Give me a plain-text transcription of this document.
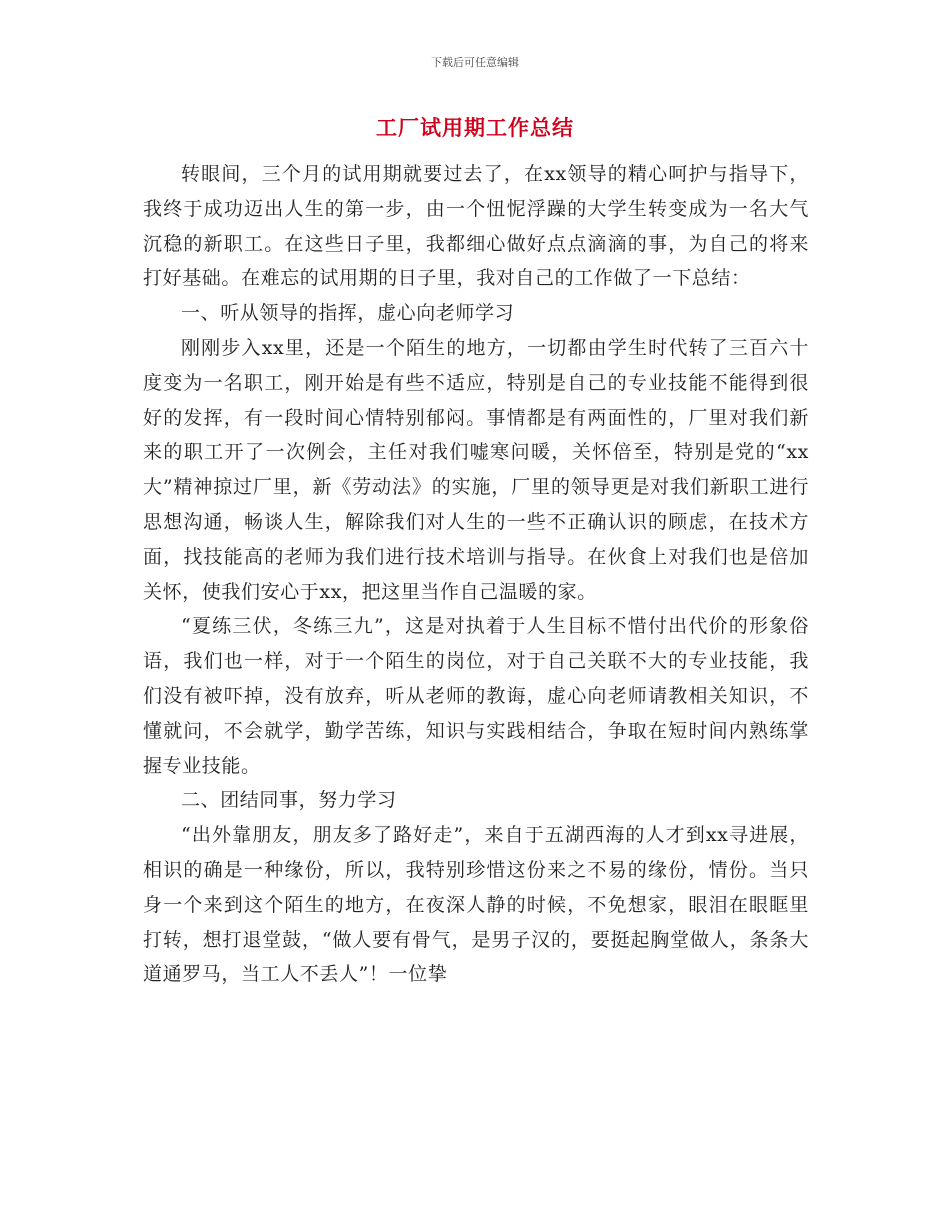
下载后可任意编辑
工厂试用期工作总结

转眼间，三个月的试用期就要过去了，在xx领导的精心呵护与指导下，我终于成功迈出人生的第一步，由一个忸怩浮躁的大学生转变成为一名大气沉稳的新职工。在这些日子里，我都细心做好点点滴滴的事，为自己的将来打好基础。在难忘的试用期的日子里，我对自己的工作做了一下总结：

一、听从领导的指挥，虚心向老师学习

刚刚步入xx里，还是一个陌生的地方，一切都由学生时代转了三百六十度变为一名职工，刚开始是有些不适应，特别是自己的专业技能不能得到很好的发挥，有一段时间心情特别郁闷。事情都是有两面性的，厂里对我们新来的职工开了一次例会，主任对我们嘘寒问暖，关怀倍至，特别是党的“xx大”精神掠过厂里，新《劳动法》的实施，厂里的领导更是对我们新职工进行思想沟通，畅谈人生，解除我们对人生的一些不正确认识的顾虑，在技术方面，找技能高的老师为我们进行技术培训与指导。在伙食上对我们也是倍加关怀，使我们安心于xx，把这里当作自己温暖的家。

“夏练三伏，冬练三九”，这是对执着于人生目标不惜付出代价的形象俗语，我们也一样，对于一个陌生的岗位，对于自己关联不大的专业技能，我们没有被吓掉，没有放弃，听从老师的教诲，虚心向老师请教相关知识，不懂就问，不会就学，勤学苦练，知识与实践相结合，争取在短时间内熟练掌握专业技能。

二、团结同事，努力学习

“出外靠朋友，朋友多了路好走”，来自于五湖西海的人才到xx寻进展，相识的确是一种缘份，所以，我特别珍惜这份来之不易的缘份，情份。当只身一个来到这个陌生的地方，在夜深人静的时候，不免想家，眼泪在眼眶里打转，想打退堂鼓，“做人要有骨气，是男子汉的，要挺起胸堂做人，条条大道通罗马，当工人不丢人”！一位挚
